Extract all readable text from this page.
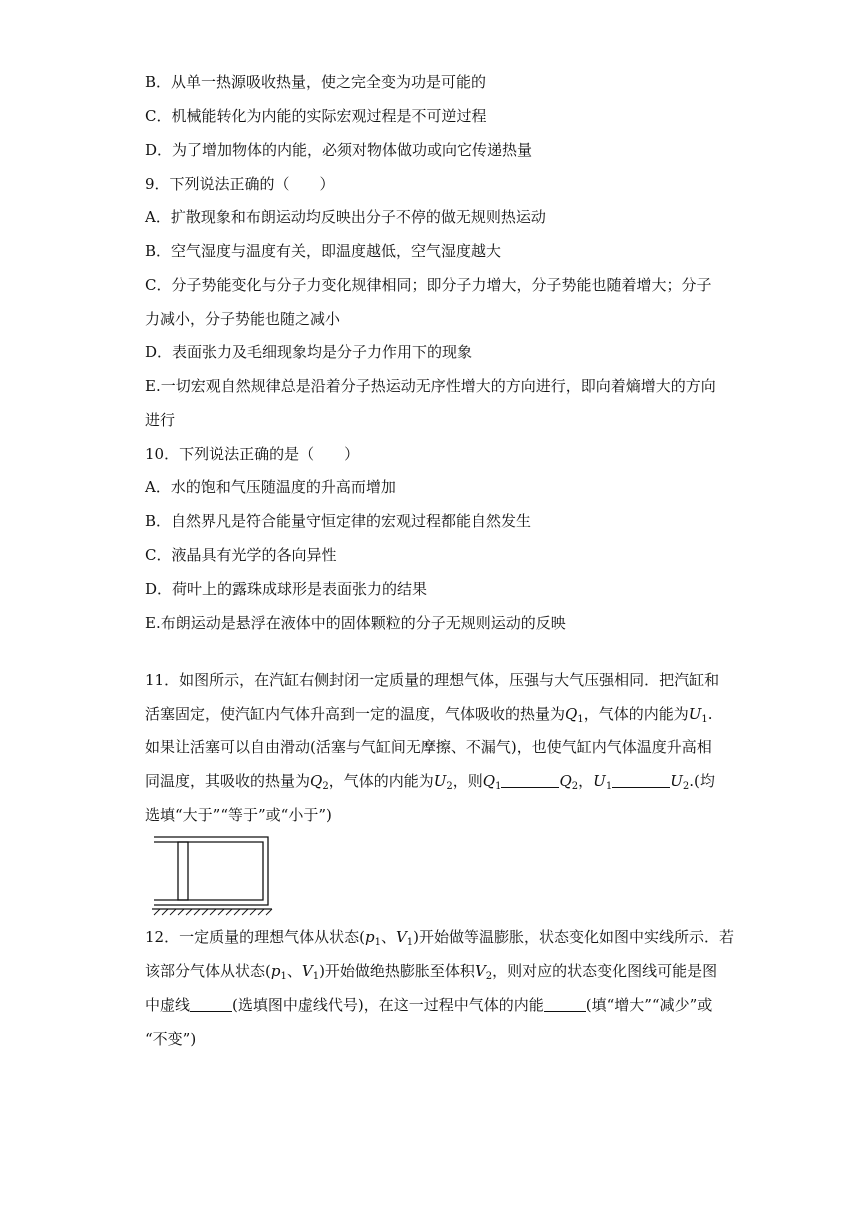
B．从单一热源吸收热量，使之完全变为功是可能的
C．机械能转化为内能的实际宏观过程是不可逆过程
D．为了增加物体的内能，必须对物体做功或向它传递热量
9．下列说法正确的（　　）
A．扩散现象和布朗运动均反映出分子不停的做无规则热运动
B．空气湿度与温度有关，即温度越低，空气湿度越大
C．分子势能变化与分子力变化规律相同；即分子力增大，分子势能也随着增大；分子
力减小，分子势能也随之减小
D．表面张力及毛细现象均是分子力作用下的现象
E.一切宏观自然规律总是沿着分子热运动无序性增大的方向进行，即向着熵增大的方向
进行
10．下列说法正确的是（　　）
A．水的饱和气压随温度的升高而增加
B．自然界凡是符合能量守恒定律的宏观过程都能自然发生
C．液晶具有光学的各向异性
D．荷叶上的露珠成球形是表面张力的结果
E.布朗运动是悬浮在液体中的固体颗粒的分子无规则运动的反映
11．如图所示，在汽缸右侧封闭一定质量的理想气体，压强与大气压强相同．把汽缸和
活塞固定，使汽缸内气体升高到一定的温度，气体吸收的热量为$Q_1$，气体的内能为$U_1$.
如果让活塞可以自由滑动(活塞与气缸间无摩擦、不漏气)，也使气缸内气体温度升高相
同温度，其吸收的热量为$Q_2$，气体的内能为$U_2$，则$Q_1$	$Q_2$，$U_1$	$U_2$.(均
选填“大于”“等于”或“小于”)
12．一定质量的理想气体从状态($p_1$、$V_1$)开始做等温膨胀，状态变化如图中实线所示．若
该部分气体从状态($p_1$、$V_1$)开始做绝热膨胀至体积$V_2$，则对应的状态变化图线可能是图
中虚线	(选填图中虚线代号)，在这一过程中气体的内能	(填“增大”“减少”或
“不变”)
